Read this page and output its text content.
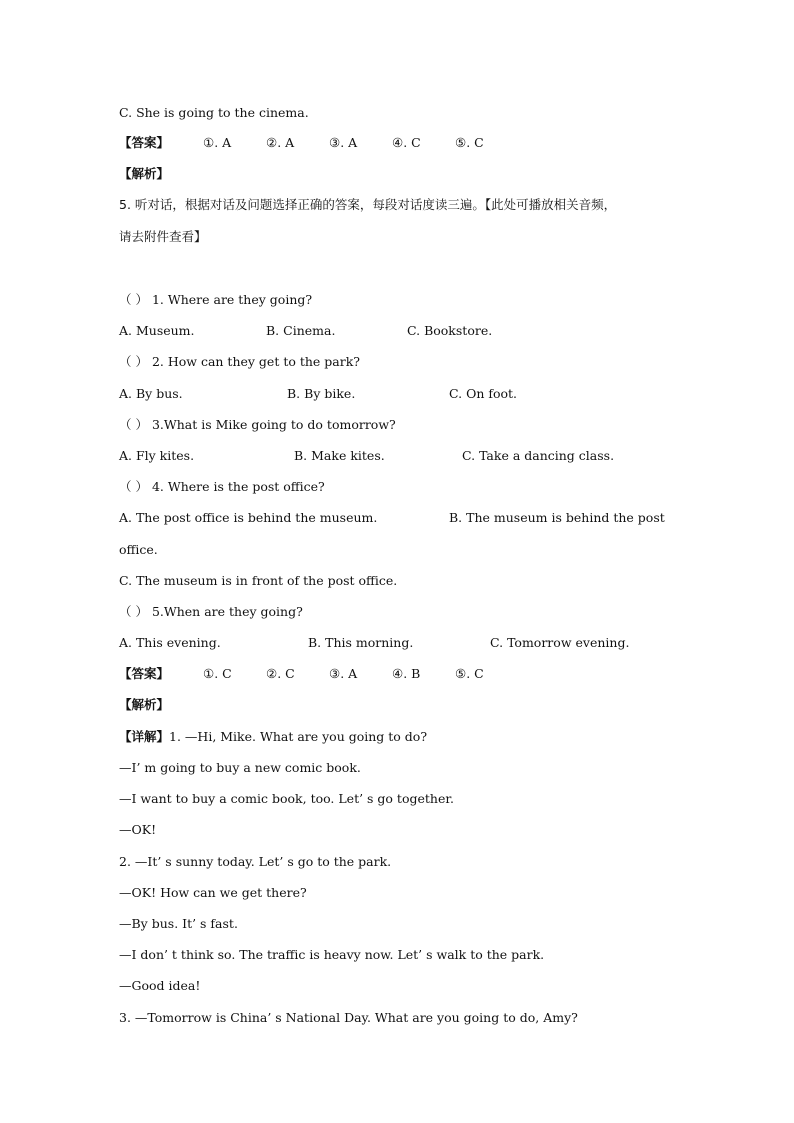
C. She is going to the cinema.
【答案】	①. A	②. A	③. A	④. C	⑤. C
【解析】
5. 听对话，根据对话及问题选择正确的答案，每段对话度读三遍。【此处可播放相关音频，
请去附件查看】
（ ） 1. Where are they going?
A. Museum.	B. Cinema.	C. Bookstore.
（ ） 2. How can they get to the park?
A. By bus.	B. By bike.	C. On foot.
（ ） 3.What is Mike going to do tomorrow?
A. Fly kites.	B. Make kites.	C. Take a dancing class.
（ ） 4. Where is the post office?
A. The post office is behind the museum.	B. The museum is behind the post
office.
C. The museum is in front of the post office.
（ ） 5.When are they going?
A. This evening.	B. This morning.	C. Tomorrow evening.
【答案】	①. C	②. C	③. A	④. B	⑤. C
【解析】
【详解】1. —Hi, Mike. What are you going to do?
—I’ m going to buy a new comic book.
—I want to buy a comic book, too. Let’ s go together.
—OK!
2. —It’ s sunny today. Let’ s go to the park.
—OK! How can we get there?
—By bus. It’ s fast.
—I don’ t think so. The traffic is heavy now. Let’ s walk to the park.
—Good idea!
3. —Tomorrow is China’ s National Day. What are you going to do, Amy?
